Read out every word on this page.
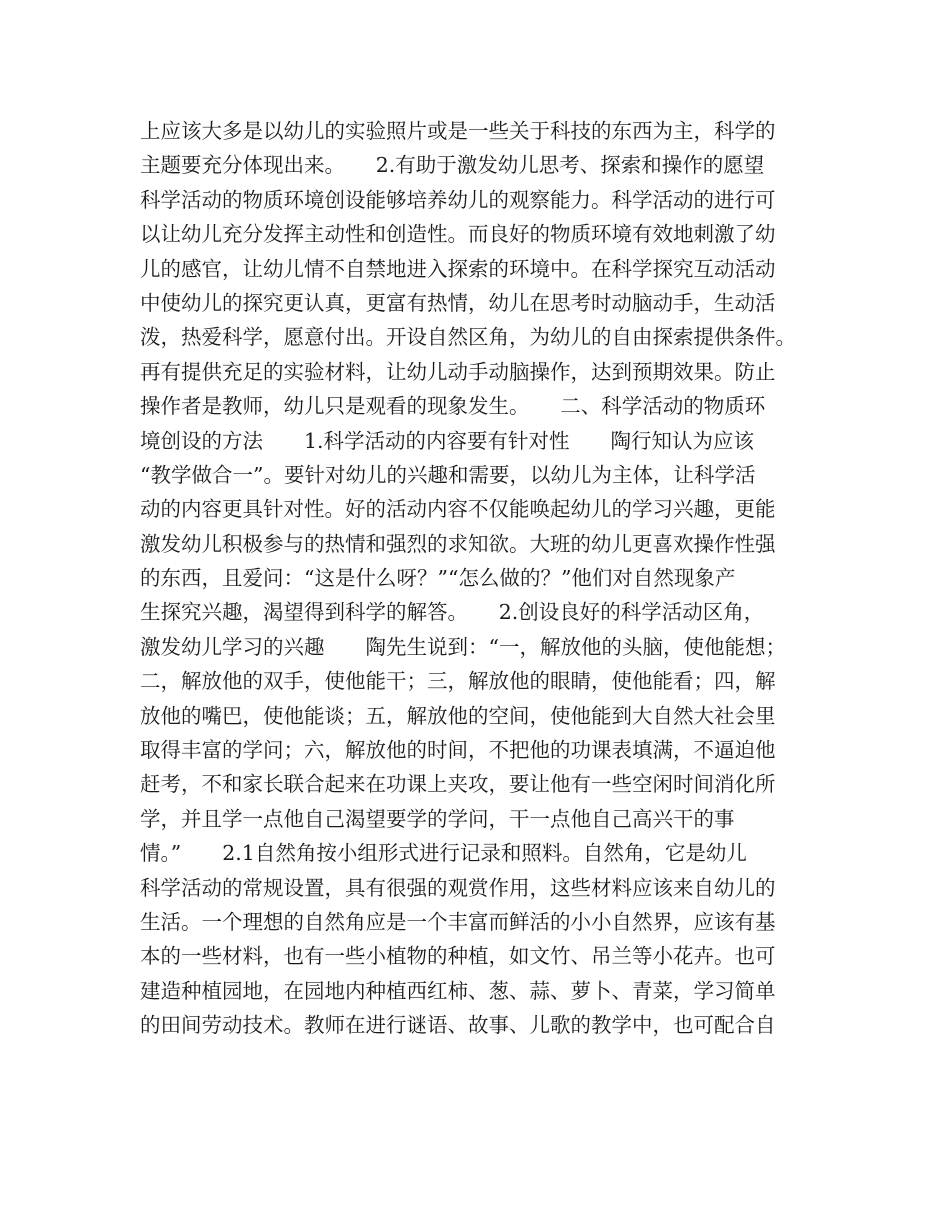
上应该大多是以幼儿的实验照片或是一些关于科技的东西为主，科学的
主题要充分体现出来。　　2.有助于激发幼儿思考、探索和操作的愿望
科学活动的物质环境创设能够培养幼儿的观察能力。科学活动的进行可
以让幼儿充分发挥主动性和创造性。而良好的物质环境有效地刺激了幼
儿的感官，让幼儿情不自禁地进入探索的环境中。在科学探究互动活动
中使幼儿的探究更认真，更富有热情，幼儿在思考时动脑动手，生动活
泼，热爱科学，愿意付出。开设自然区角，为幼儿的自由探索提供条件。
再有提供充足的实验材料，让幼儿动手动脑操作，达到预期效果。防止
操作者是教师，幼儿只是观看的现象发生。　　二、科学活动的物质环
境创设的方法　　1.科学活动的内容要有针对性　　陶行知认为应该
“教学做合一”。要针对幼儿的兴趣和需要，以幼儿为主体，让科学活
动的内容更具针对性。好的活动内容不仅能唤起幼儿的学习兴趣，更能
激发幼儿积极参与的热情和强烈的求知欲。大班的幼儿更喜欢操作性强
的东西，且爱问：“这是什么呀？”“怎么做的？”他们对自然现象产
生探究兴趣，渴望得到科学的解答。　　2.创设良好的科学活动区角，
激发幼儿学习的兴趣　　陶先生说到：“一，解放他的头脑，使他能想；
二，解放他的双手，使他能干；三，解放他的眼睛，使他能看；四，解
放他的嘴巴，使他能谈；五，解放他的空间，使他能到大自然大社会里
取得丰富的学问；六，解放他的时间，不把他的功课表填满，不逼迫他
赶考，不和家长联合起来在功课上夹攻，要让他有一些空闲时间消化所
学，并且学一点他自己渴望要学的学问，干一点他自己高兴干的事
情。”　　2.1自然角按小组形式进行记录和照料。自然角，它是幼儿
科学活动的常规设置，具有很强的观赏作用，这些材料应该来自幼儿的
生活。一个理想的自然角应是一个丰富而鲜活的小小自然界，应该有基
本的一些材料，也有一些小植物的种植，如文竹、吊兰等小花卉。也可
建造种植园地，在园地内种植西红柿、葱、蒜、萝卜、青菜，学习简单
的田间劳动技术。教师在进行谜语、故事、儿歌的教学中，也可配合自
